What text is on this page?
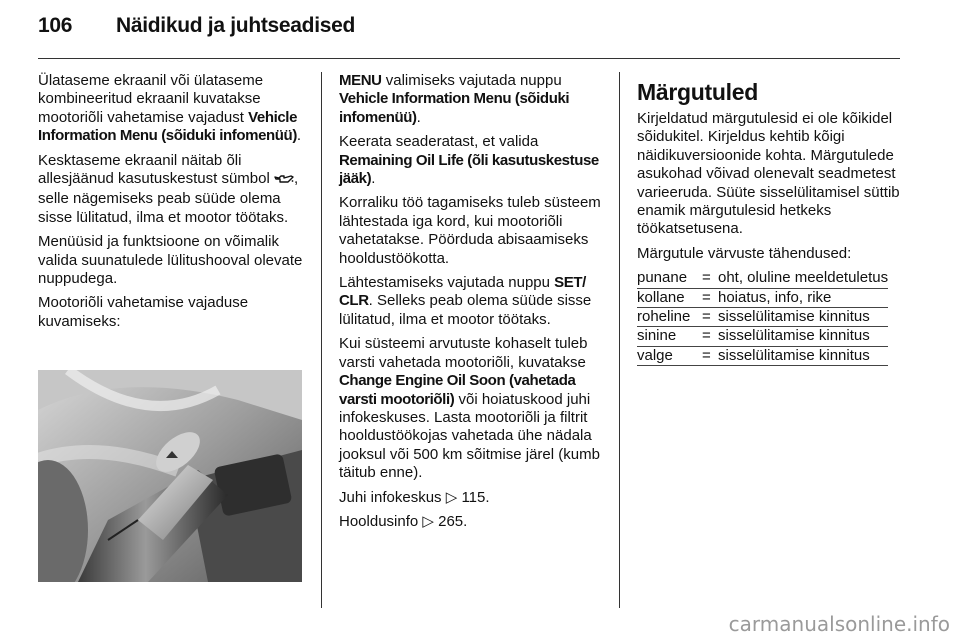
106 Näidikud ja juhtseadised

Ülataseme ekraanil või ülataseme kombineeritud ekraanil kuvatakse mootoriõli vahetamise vajadust Vehicle Information Menu (sõiduki infomenüü).

Kesktaseme ekraanil näitab õli allesjäänud kasutuskestust sümbol , selle nägemiseks peab süüde olema sisse lülitatud, ilma et mootor töötaks.

Menüüsid ja funktsioone on võimalik valida suunatulede lülitushooval olevate nuppudega.

Mootoriõli vahetamise vajaduse kuvamiseks:

MENU valimiseks vajutada nuppu Vehicle Information Menu (sõiduki infomenüü).

Keerata seaderatast, et valida Remaining Oil Life (õli kasutuskestuse jääk).

Korraliku töö tagamiseks tuleb süsteem lähtestada iga kord, kui mootoriõli vahetatakse. Pöörduda abisaamiseks hooldustöökotta.

Lähtestamiseks vajutada nuppu SET/ CLR. Selleks peab olema süüde sisse lülitatud, ilma et mootor töötaks.

Kui süsteemi arvutuste kohaselt tuleb varsti vahetada mootoriõli, kuvatakse Change Engine Oil Soon (vahetada varsti mootoriõli) või hoiatuskood juhi infokeskuses. Lasta mootoriõli ja filtrit hooldustöökojas vahetada ühe nädala jooksul või 500 km sõitmise järel (kumb täitub enne).

Juhi infokeskus ▷ 115.

Hooldusinfo ▷ 265.

Märgutuled

Kirjeldatud märgutulesid ei ole kõikidel sõidukitel. Kirjeldus kehtib kõigi näidikuversioonide kohta. Märgutulede asukohad võivad olenevalt seadmetest varieeruda. Süüte sisselülitamisel süttib enamik märgutulesid hetkeks töökatsetusena.

Märgutule värvuste tähendused:

punane	=	oht, oluline meeldetuletus
kollane	=	hoiatus, info, rike
roheline	=	sisselülitamise kinnitus
sinine	=	sisselülitamise kinnitus
valge	=	sisselülitamise kinnitus
carmanualsonline.info
